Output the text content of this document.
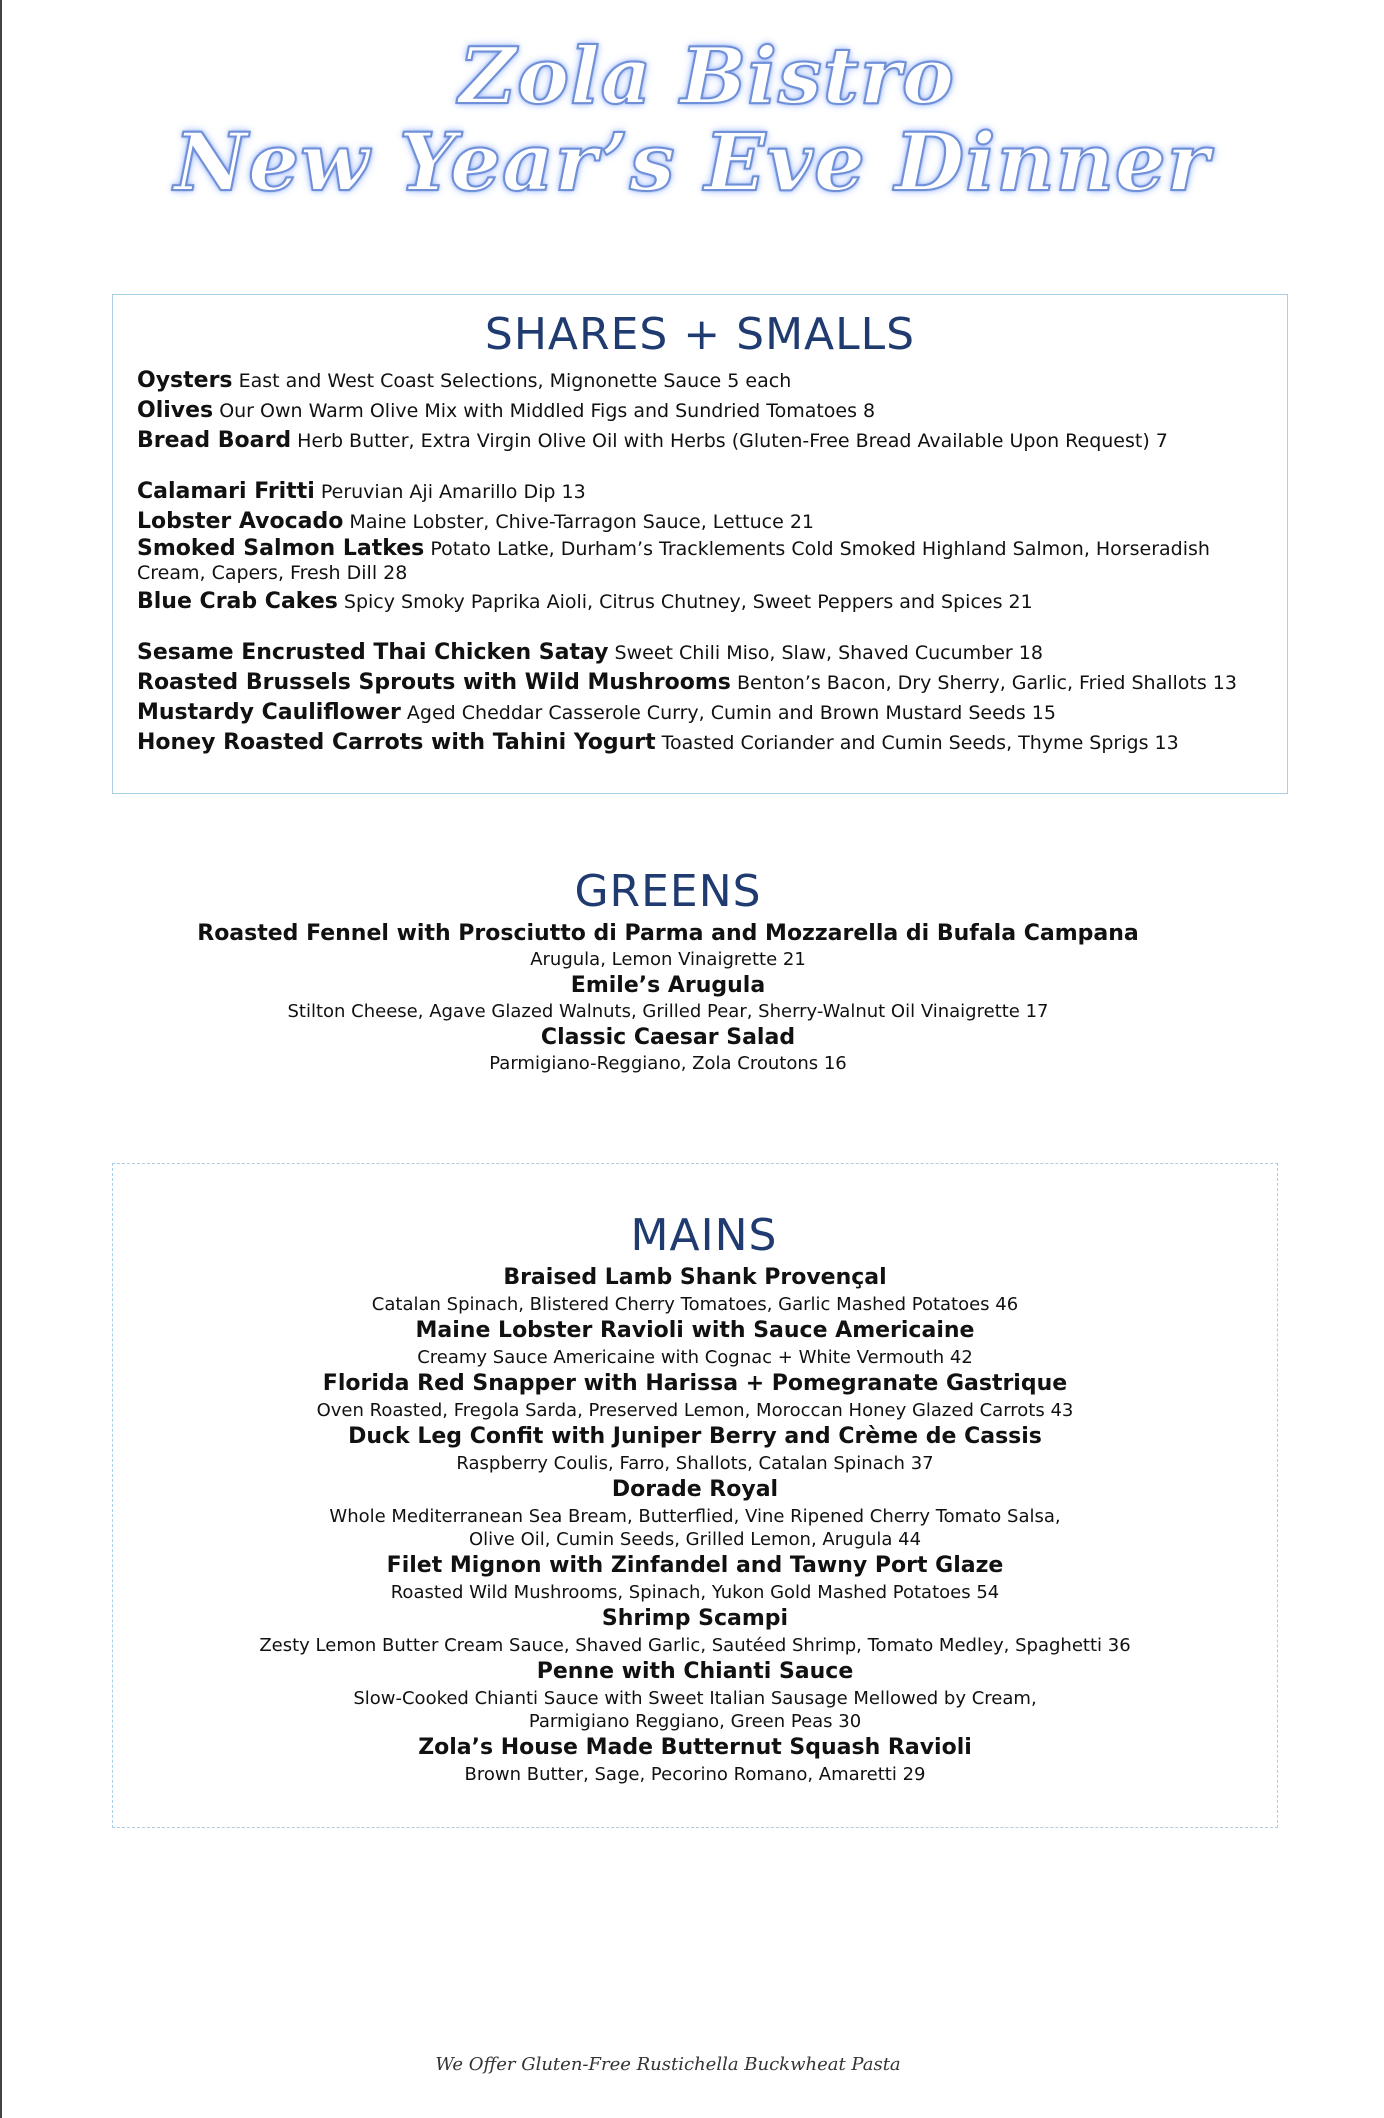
Zola Bistro
New Year’s Eve Dinner
SHARES + SMALLS
Oysters East and West Coast Selections, Mignonette Sauce 5 each
Olives Our Own Warm Olive Mix with Middled Figs and Sundried Tomatoes 8
Bread Board Herb Butter, Extra Virgin Olive Oil with Herbs (Gluten-Free Bread Available Upon Request) 7
Calamari Fritti Peruvian Aji Amarillo Dip 13
Lobster Avocado Maine Lobster, Chive-Tarragon Sauce, Lettuce 21
Smoked Salmon Latkes Potato Latke, Durham’s Tracklements Cold Smoked Highland Salmon, Horseradish Cream, Capers, Fresh Dill 28
Blue Crab Cakes Spicy Smoky Paprika Aioli, Citrus Chutney, Sweet Peppers and Spices 21
Sesame Encrusted Thai Chicken Satay Sweet Chili Miso, Slaw, Shaved Cucumber 18
Roasted Brussels Sprouts with Wild Mushrooms Benton’s Bacon, Dry Sherry, Garlic, Fried Shallots 13
Mustardy Cauliflower Aged Cheddar Casserole Curry, Cumin and Brown Mustard Seeds 15
Honey Roasted Carrots with Tahini Yogurt Toasted Coriander and Cumin Seeds, Thyme Sprigs 13
GREENS
Roasted Fennel with Prosciutto di Parma and Mozzarella di Bufala Campana
Arugula, Lemon Vinaigrette 21
Emile’s Arugula
Stilton Cheese, Agave Glazed Walnuts, Grilled Pear, Sherry-Walnut Oil Vinaigrette 17
Classic Caesar Salad
Parmigiano-Reggiano, Zola Croutons 16
MAINS
Braised Lamb Shank Provençal
Catalan Spinach, Blistered Cherry Tomatoes, Garlic Mashed Potatoes 46
Maine Lobster Ravioli with Sauce Americaine
Creamy Sauce Americaine with Cognac + White Vermouth 42
Florida Red Snapper with Harissa + Pomegranate Gastrique
Oven Roasted, Fregola Sarda, Preserved Lemon, Moroccan Honey Glazed Carrots 43
Duck Leg Confit with Juniper Berry and Crème de Cassis
Raspberry Coulis, Farro, Shallots, Catalan Spinach 37
Dorade Royal
Whole Mediterranean Sea Bream, Butterflied, Vine Ripened Cherry Tomato Salsa,
Olive Oil, Cumin Seeds, Grilled Lemon, Arugula 44
Filet Mignon with Zinfandel and Tawny Port Glaze
Roasted Wild Mushrooms, Spinach, Yukon Gold Mashed Potatoes 54
Shrimp Scampi
Zesty Lemon Butter Cream Sauce, Shaved Garlic, Sautéed Shrimp, Tomato Medley, Spaghetti 36
Penne with Chianti Sauce
Slow-Cooked Chianti Sauce with Sweet Italian Sausage Mellowed by Cream,
Parmigiano Reggiano, Green Peas 30
Zola’s House Made Butternut Squash Ravioli
Brown Butter, Sage, Pecorino Romano, Amaretti 29
We Offer Gluten-Free Rustichella Buckwheat Pasta
